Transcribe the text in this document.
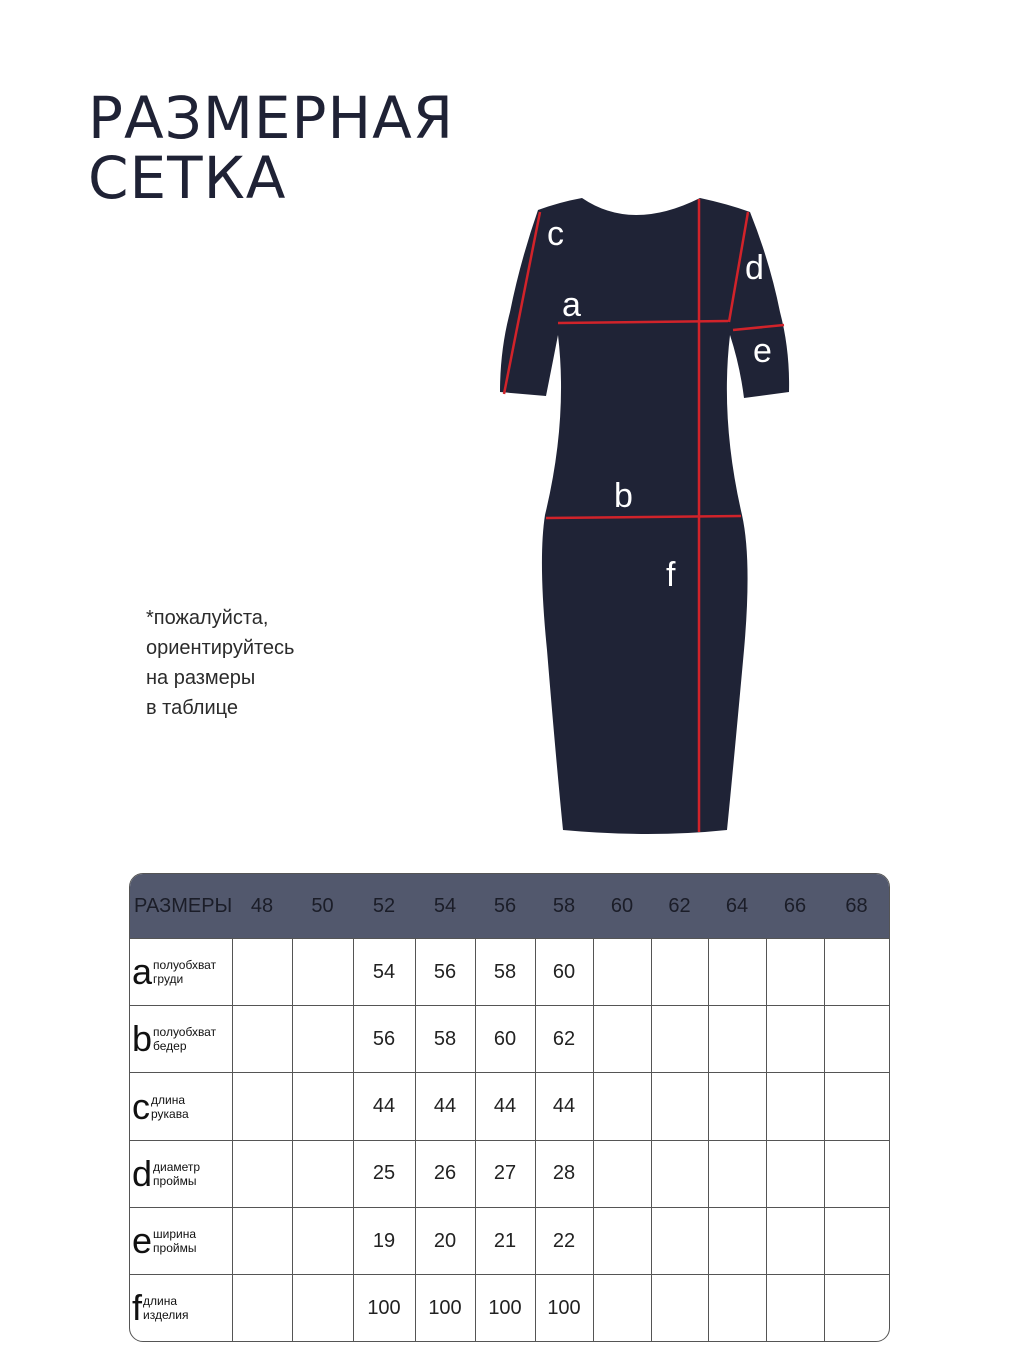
РАЗМЕРНАЯ
СЕТКА
c
d
a
e
b
f
*пожалуйста,
ориентируйтесь
на размеры
в таблице
РАЗМЕРЫ	48	50	52	54	56	58	60	62	64	66	68
a полуобхват
груди			54	56	58	60					
b полуобхват
бедер			56	58	60	62					
c длина
рукава			44	44	44	44					
d диаметр
проймы			25	26	27	28					
e ширина
проймы			19	20	21	22					
f длина
изделия			100	100	100	100					
